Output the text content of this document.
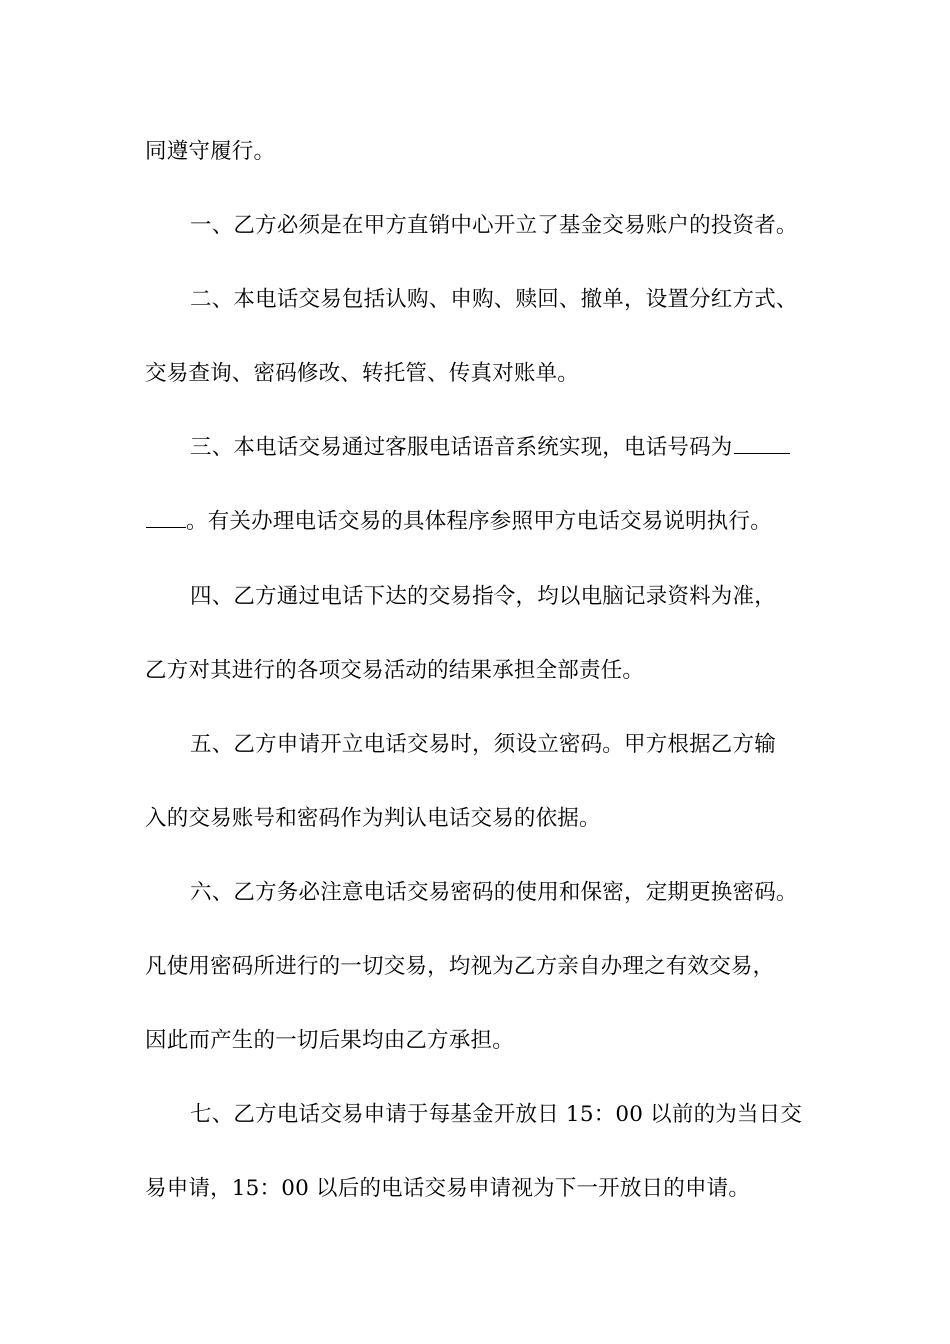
同遵守履行。
一、乙方必须是在甲方直销中心开立了基金交易账户的投资者。
二、本电话交易包括认购、申购、赎回、撤单，设置分红方式、
交易查询、密码修改、转托管、传真对账单。
三、本电话交易通过客服电话语音系统实现，电话号码为
。有关办理电话交易的具体程序参照甲方电话交易说明执行。
四、乙方通过电话下达的交易指令，均以电脑记录资料为准，
乙方对其进行的各项交易活动的结果承担全部责任。
五、乙方申请开立电话交易时，须设立密码。甲方根据乙方输
入的交易账号和密码作为判认电话交易的依据。
六、乙方务必注意电话交易密码的使用和保密，定期更换密码。
凡使用密码所进行的一切交易，均视为乙方亲自办理之有效交易，
因此而产生的一切后果均由乙方承担。
七、乙方电话交易申请于每基金开放日 15：00 以前的为当日交
易申请，15：00 以后的电话交易申请视为下一开放日的申请。
